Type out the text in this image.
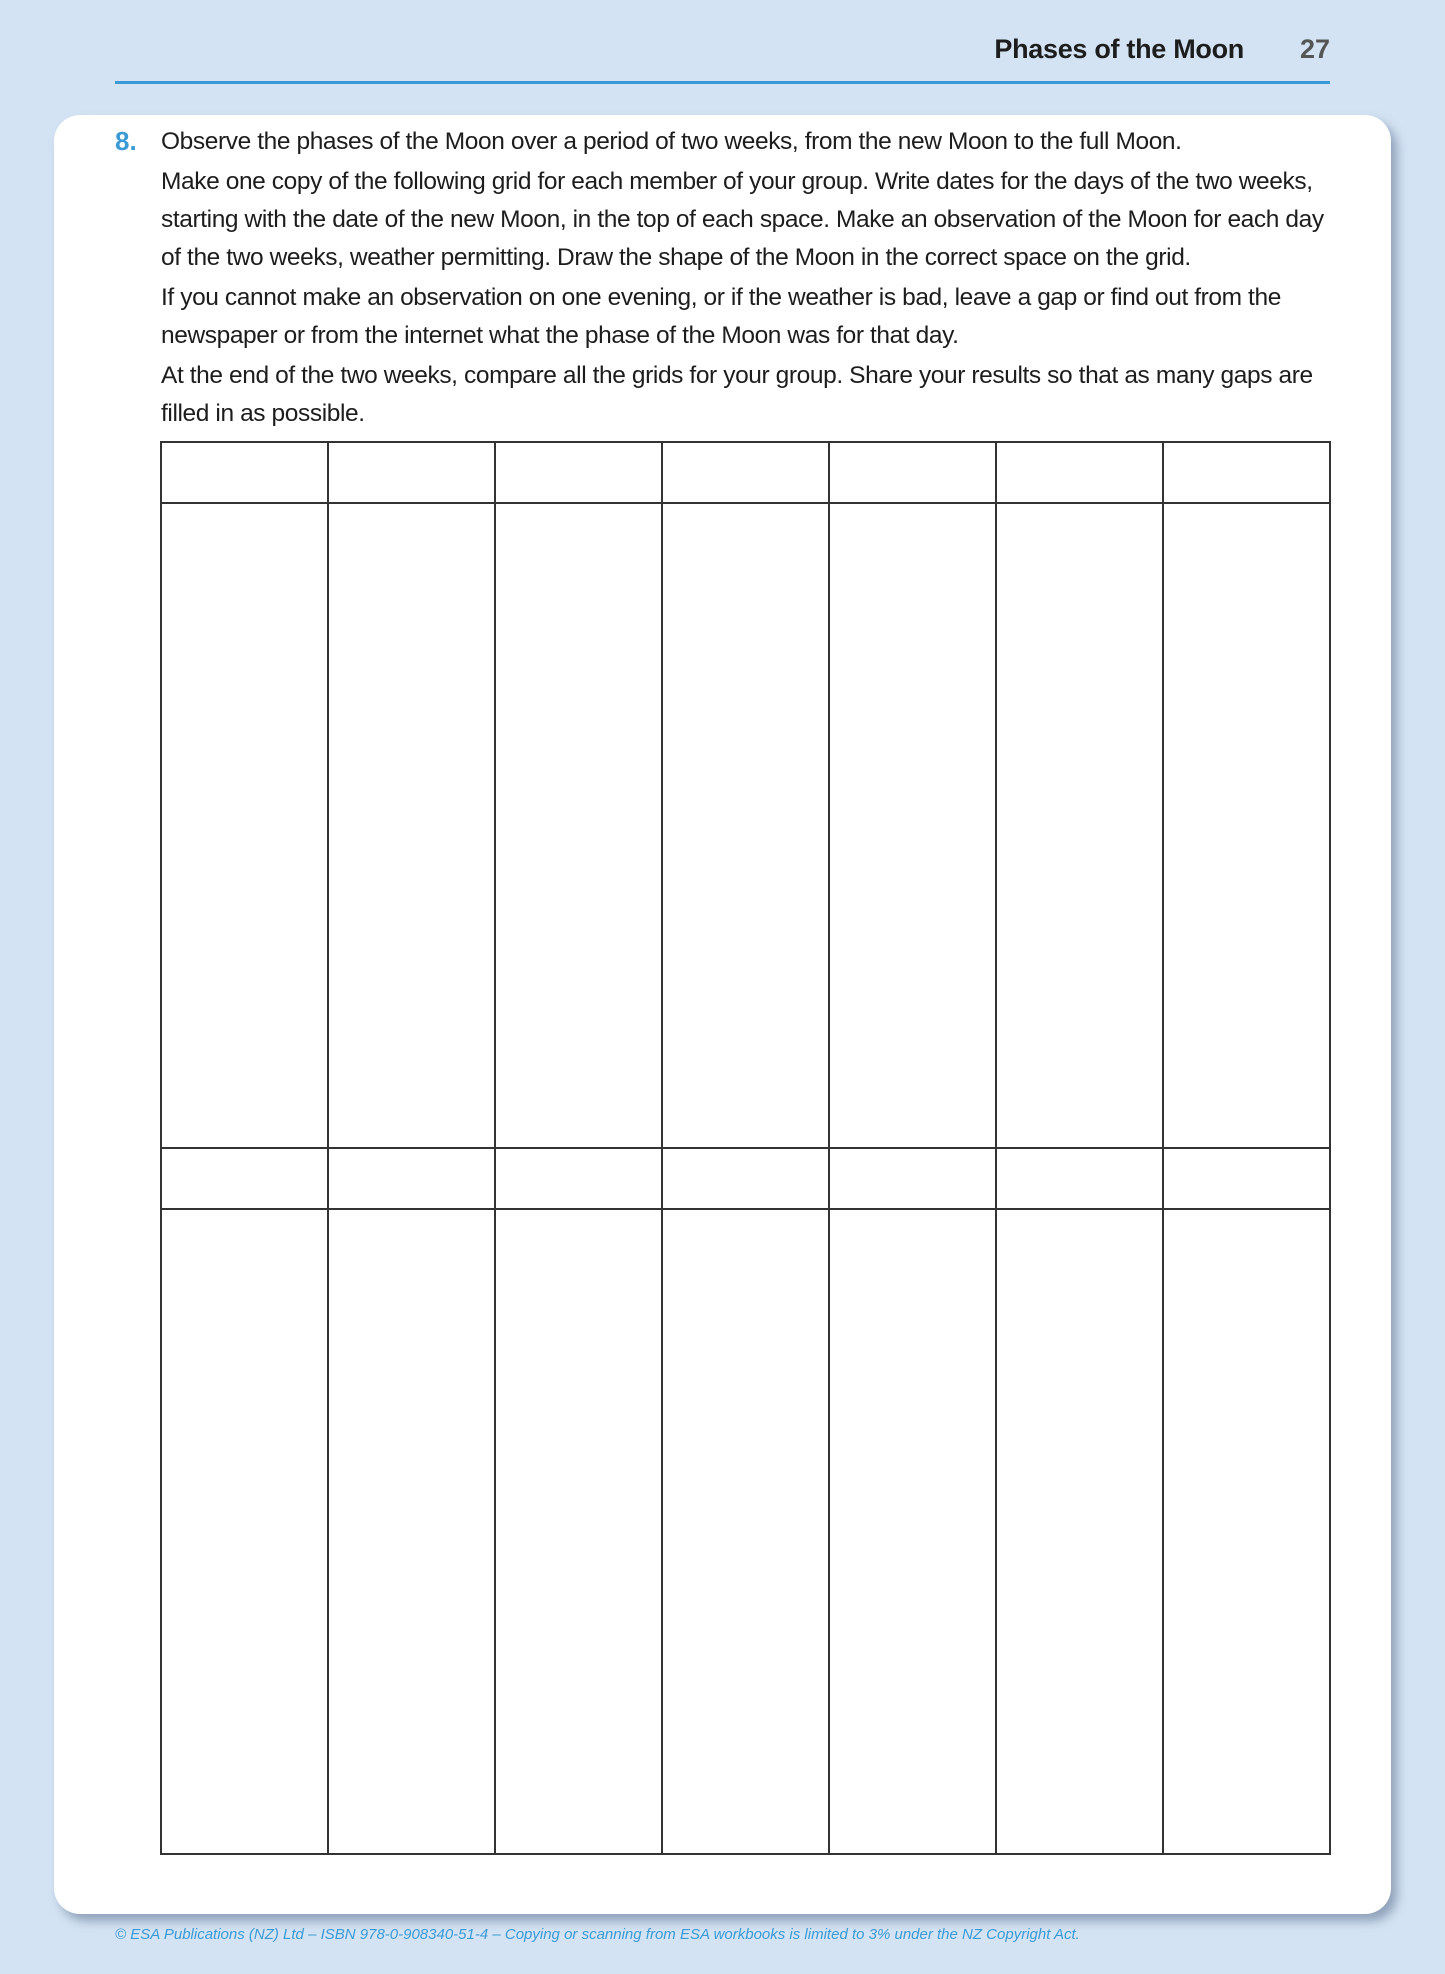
Phases of the Moon 27
8. Observe the phases of the Moon over a period of two weeks, from the new Moon to the full Moon.

Make one copy of the following grid for each member of your group. Write dates for the days of the two weeks, starting with the date of the new Moon, in the top of each space. Make an observation of the Moon for each day of the two weeks, weather permitting. Draw the shape of the Moon in the correct space on the grid.

If you cannot make an observation on one evening, or if the weather is bad, leave a gap or find out from the newspaper or from the internet what the phase of the Moon was for that day.

At the end of the two weeks, compare all the grids for your group. Share your results so that as many gaps are filled in as possible.

© ESA Publications (NZ) Ltd – ISBN 978-0-908340-51-4 – Copying or scanning from ESA workbooks is limited to 3% under the NZ Copyright Act.
